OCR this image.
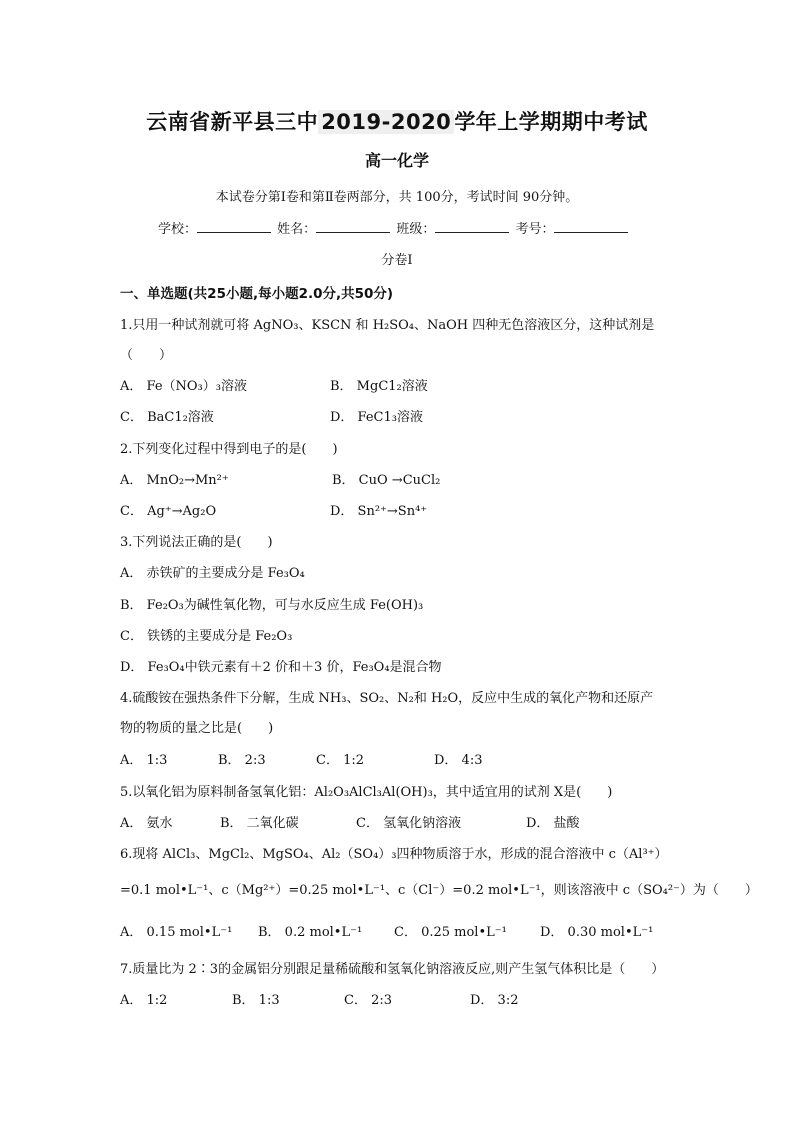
云南省新平县三中 2019-2020 学年上学期期中考试
高一化学
本试卷分第Ⅰ卷和第Ⅱ卷两部分，共 100分，考试时间 90分钟。
学校：	姓名：	班级：	考号：
分卷I
一、单选题(共25小题,每小题2.0分,共50分)
1.只用一种试剂就可将 AgNO₃、KSCN 和 H₂SO₄、NaOH 四种无色溶液区分，这种试剂是
（　　）
A． Fe（NO₃）₃溶液	B． MgC1₂溶液
C． BaC1₂溶液	D． FeC1₃溶液
2.下列变化过程中得到电子的是(　　)
A． MnO₂→Mn²⁺	B． CuO →CuCl₂
C． Ag⁺→Ag₂O	D． Sn²⁺→Sn⁴⁺
3.下列说法正确的是(　　)
A． 赤铁矿的主要成分是 Fe₃O₄
B． Fe₂O₃为碱性氧化物，可与水反应生成 Fe(OH)₃
C． 铁锈的主要成分是 Fe₂O₃
D． Fe₃O₄中铁元素有＋2 价和＋3 价，Fe₃O₄是混合物
4.硫酸铵在强热条件下分解，生成 NH₃、SO₂、N₂和 H₂O，反应中生成的氧化产物和还原产
物的物质的量之比是(　　)
A． 1:3	B． 2:3	C． 1:2	D． 4:3
5.以氧化铝为原料制备氢氧化铝：Al₂O₃AlCl₃Al(OH)₃，其中适宜用的试剂 X是(　　)
A． 氨水	B． 二氧化碳	C． 氢氧化钠溶液	D． 盐酸
6.现将 AlCl₃、MgCl₂、MgSO₄、Al₂（SO₄）₃四种物质溶于水，形成的混合溶液中 c（Al³⁺）
=0.1 mol•L⁻¹、c（Mg²⁺）=0.25 mol•L⁻¹、c（Cl⁻）=0.2 mol•L⁻¹，则该溶液中 c（SO₄²⁻）为（　　）
A． 0.15 mol•L⁻¹ B． 0.2 mol•L⁻¹ C． 0.25 mol•L⁻¹	D． 0.30 mol•L⁻¹
7.质量比为 2∶3的金属铝分别跟足量稀硫酸和氢氧化钠溶液反应,则产生氢气体积比是（　　）
A． 1:2	B． 1:3	C． 2:3	D． 3:2
